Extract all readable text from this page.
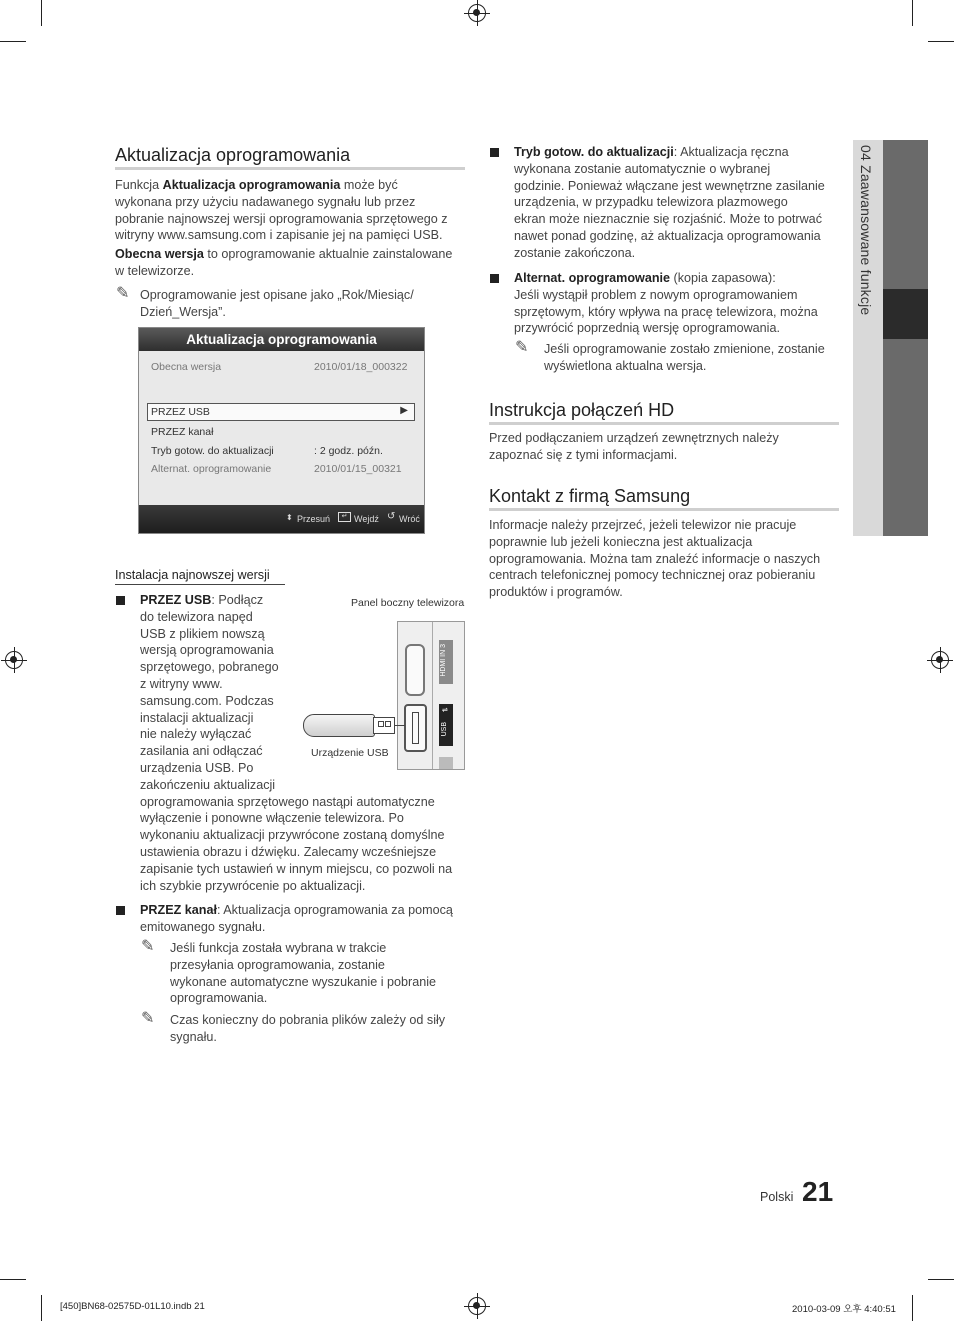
Aktualizacja oprogramowania
Funkcja Aktualizacja oprogramowania może być
wykonana przy użyciu nadawanego sygnału lub przez
pobranie najnowszej wersji oprogramowania sprzętowego z
witryny www.samsung.com i zapisanie jej na pamięci USB.
Obecna wersja to oprogramowanie aktualnie zainstalowane
w telewizorze.
✎ Oprogramowanie jest opisane jako „Rok/Miesiąc/
Dzień_Wersja”.
Aktualizacja oprogramowania
Obecna wersja	2010/01/18_000322
PRZEZ USB	▶
PRZEZ kanał
Tryb gotow. do aktualizacji	: 2 godz. późn.
Alternat. oprogramowanie	2010/01/15_00321
⬍ Przesuń	↵ Wejdź ↺ Wróć
Instalacja najnowszej wersji
PRZEZ USB: Podłącz
do telewizora napęd
USB z plikiem nowszą
wersją oprogramowania
sprzętowego, pobranego
z witryny www.
samsung.com. Podczas
instalacji aktualizacji
nie należy wyłączać
zasilania ani odłączać
urządzenia USB. Po
zakończeniu aktualizacji
oprogramowania sprzętowego nastąpi automatyczne
wyłączenie i ponowne włączenie telewizora. Po
wykonaniu aktualizacji przywrócone zostaną domyślne
ustawienia obrazu i dźwięku. Zalecamy wcześniejsze
zapisanie tych ustawień w innym miejscu, co pozwoli na
ich szybkie przywrócenie po aktualizacji.
Panel boczny telewizora
HDMI IN 3
⇌
USB
Urządzenie USB
PRZEZ kanał: Aktualizacja oprogramowania za pomocą
emitowanego sygnału.
✎ Jeśli funkcja została wybrana w trakcie
przesyłania oprogramowania, zostanie
wykonane automatyczne wyszukanie i pobranie
oprogramowania.
✎ Czas konieczny do pobrania plików zależy od siły
sygnału.
Tryb gotow. do aktualizacji: Aktualizacja ręczna
wykonana zostanie automatycznie o wybranej
godzinie. Ponieważ włączane jest wewnętrzne zasilanie
urządzenia, w przypadku telewizora plazmowego
ekran może nieznacznie się rozjaśnić. Może to potrwać
nawet ponad godzinę, aż aktualizacja oprogramowania
zostanie zakończona.
Alternat. oprogramowanie (kopia zapasowa):
Jeśli wystąpił problem z nowym oprogramowaniem
sprzętowym, który wpływa na pracę telewizora, można
przywrócić poprzednią wersję oprogramowania.
✎ Jeśli oprogramowanie zostało zmienione, zostanie
wyświetlona aktualna wersja.
Instrukcja połączeń HD
Przed podłączaniem urządzeń zewnętrznych należy
zapoznać się z tymi informacjami.
Kontakt z firmą Samsung
Informacje należy przejrzeć, jeżeli telewizor nie pracuje
poprawnie lub jeżeli konieczna jest aktualizacja
oprogramowania. Można tam znaleźć informacje o naszych
centrach telefonicznej pomocy technicznej oraz pobieraniu
produktów i programów.
04 Zaawansowane funkcje
Polski 21
[450]BN68-02575D-01L10.indb 21	2010-03-09 오후 4:40:51
